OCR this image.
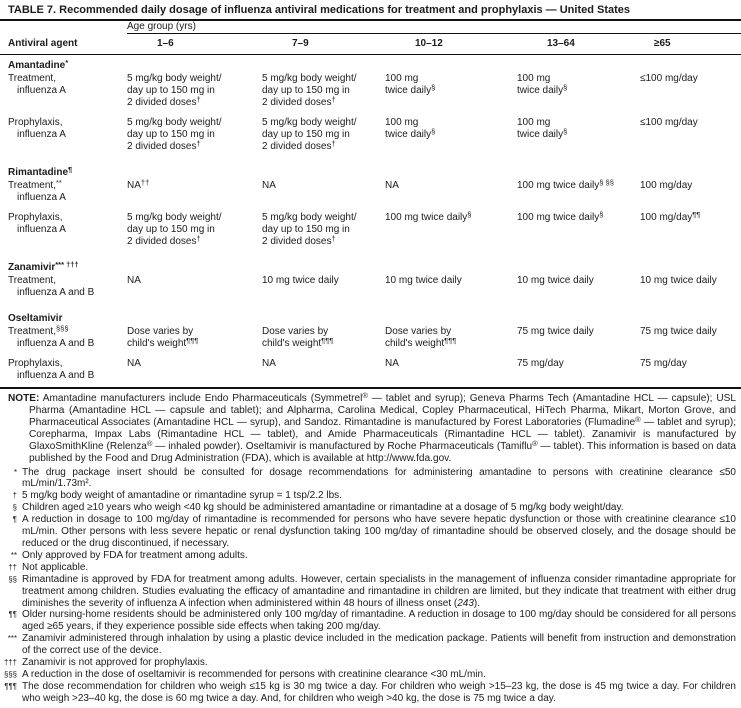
TABLE 7. Recommended daily dosage of influenza antiviral medications for treatment and prophylaxis — United States
	Age group (yrs)				
Antiviral agent	1–6	7–9	10–12	13–64	≥65
Amantadine*
Treatment,
influenza A	5 mg/kg body weight/
day up to 150 mg in
2 divided doses†	5 mg/kg body weight/
day up to 150 mg in
2 divided doses†	100 mg
twice daily§	100 mg
twice daily§	≤100 mg/day
Prophylaxis,
influenza A	5 mg/kg body weight/
day up to 150 mg in
2 divided doses†	5 mg/kg body weight/
day up to 150 mg in
2 divided doses†	100 mg
twice daily§	100 mg
twice daily§	≤100 mg/day
Rimantadine¶
Treatment,**
influenza A	NA††	NA	NA	100 mg twice daily§ §§	100 mg/day
Prophylaxis,
influenza A	5 mg/kg body weight/
day up to 150 mg in
2 divided doses†	5 mg/kg body weight/
day up to 150 mg in
2 divided doses†	100 mg twice daily§	100 mg twice daily§	100 mg/day¶¶
Zanamivir*** †††
Treatment,
influenza A and B	NA	10 mg twice daily	10 mg twice daily	10 mg twice daily	10 mg twice daily
Oseltamivir					
Treatment,§§§
influenza A and B	Dose varies by
child's weight¶¶¶	Dose varies by
child's weight¶¶¶	Dose varies by
child's weight¶¶¶	75 mg twice daily	75 mg twice daily
Prophylaxis,
influenza A and B	NA	NA	NA	75 mg/day	75 mg/day
NOTE: Amantadine manufacturers include Endo Pharmaceuticals (Symmetrel® — tablet and syrup); Geneva Pharms Tech (Amantadine HCL — capsule); USL Pharma (Amantadine HCL — capsule and tablet); and Alpharma, Carolina Medical, Copley Pharmaceutical, HiTech Pharma, Mikart, Morton Grove, and Pharmaceutical Associates (Amantadine HCL — syrup), and Sandoz. Rimantadine is manufactured by Forest Laboratories (Flumadine® — tablet and syrup); Corepharma, Impax Labs (Rimantadine HCL — tablet), and Amide Pharmaceuticals (Rimantadine HCL — tablet). Zanamivir is manufactured by GlaxoSmithKline (Relenza® — inhaled powder). Oseltamivir is manufactured by Roche Pharmaceuticals (Tamiflu® — tablet). This information is based on data published by the Food and Drug Administration (FDA), which is available at http://www.fda.gov.
* The drug package insert should be consulted for dosage recommendations for administering amantadine to persons with creatinine clearance ≤50 mL/min/1.73m².
† 5 mg/kg body weight of amantadine or rimantadine syrup = 1 tsp/2.2 lbs.
§ Children aged ≥10 years who weigh <40 kg should be administered amantadine or rimantadine at a dosage of 5 mg/kg body weight/day.
¶ A reduction in dosage to 100 mg/day of rimantadine is recommended for persons who have severe hepatic dysfunction or those with creatinine clearance ≤10 mL/min. Other persons with less severe hepatic or renal dysfunction taking 100 mg/day of rimantadine should be observed closely, and the dosage should be reduced or the drug discontinued, if necessary.
** Only approved by FDA for treatment among adults.
†† Not applicable.
§§ Rimantadine is approved by FDA for treatment among adults. However, certain specialists in the management of influenza consider rimantadine appropriate for treatment among children. Studies evaluating the efficacy of amantadine and rimantadine in children are limited, but they indicate that treatment with either drug diminishes the severity of influenza A infection when administered within 48 hours of illness onset (243).
¶¶ Older nursing-home residents should be administered only 100 mg/day of rimantadine. A reduction in dosage to 100 mg/day should be considered for all persons aged ≥65 years, if they experience possible side effects when taking 200 mg/day.
*** Zanamivir administered through inhalation by using a plastic device included in the medication package. Patients will benefit from instruction and demonstration of the correct use of the device.
††† Zanamivir is not approved for prophylaxis.
§§§ A reduction in the dose of oseltamivir is recommended for persons with creatinine clearance <30 mL/min.
¶¶¶ The dose recommendation for children who weigh ≤15 kg is 30 mg twice a day. For children who weigh >15–23 kg, the dose is 45 mg twice a day. For children who weigh >23–40 kg, the dose is 60 mg twice a day. And, for children who weigh >40 kg, the dose is 75 mg twice a day.
